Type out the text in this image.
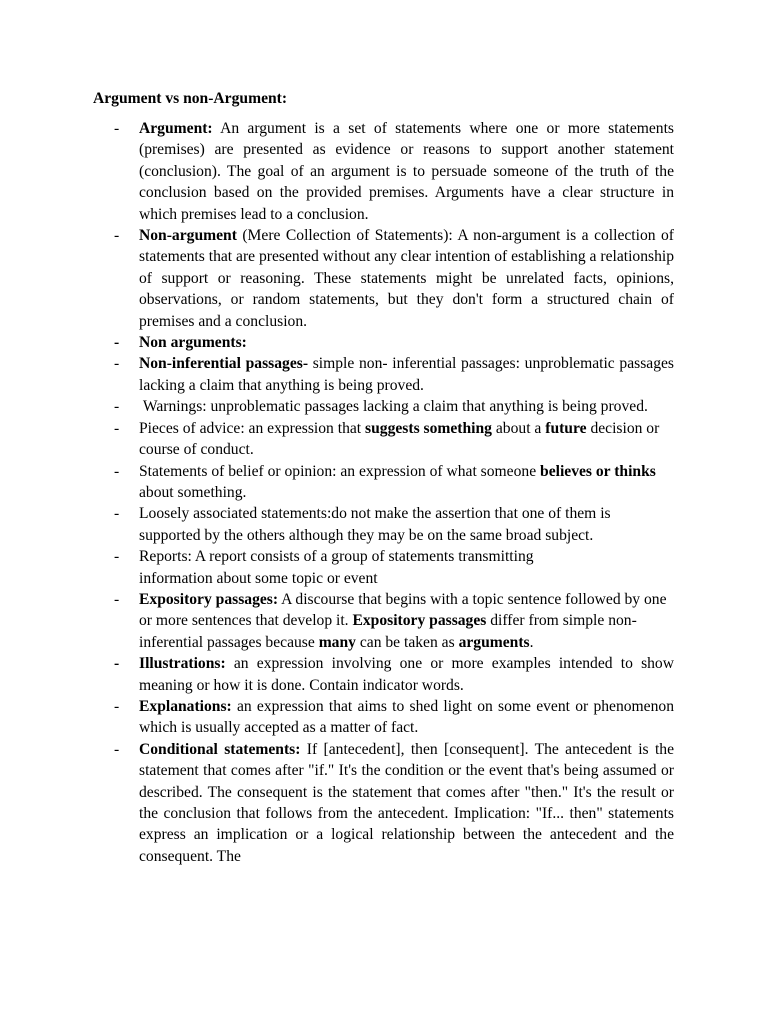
Argument vs non-Argument:
- Argument: An argument is a set of statements where one or more statements (premises) are presented as evidence or reasons to support another statement (conclusion). The goal of an argument is to persuade someone of the truth of the conclusion based on the provided premises. Arguments have a clear structure in which premises lead to a conclusion.
- Non-argument (Mere Collection of Statements): A non-argument is a collection of statements that are presented without any clear intention of establishing a relationship of support or reasoning. These statements might be unrelated facts, opinions, observations, or random statements, but they don't form a structured chain of premises and a conclusion.
- Non arguments:
- Non-inferential passages- simple non- inferential passages: unproblematic passages lacking a claim that anything is being proved.
- Warnings: unproblematic passages lacking a claim that anything is being proved.
- Pieces of advice: an expression that suggests something about a future decision or course of conduct.
- Statements of belief or opinion: an expression of what someone believes or thinks about something.
- Loosely associated statements:do not make the assertion that one of them is supported by the others although they may be on the same broad subject.
- Reports: A report consists of a group of statements transmitting information about some topic or event
- Expository passages: A discourse that begins with a topic sentence followed by one or more sentences that develop it. Expository passages differ from simple non-inferential passages because many can be taken as arguments.
- Illustrations: an expression involving one or more examples intended to show meaning or how it is done. Contain indicator words.
- Explanations: an expression that aims to shed light on some event or phenomenon which is usually accepted as a matter of fact.
- Conditional statements: If [antecedent], then [consequent]. The antecedent is the statement that comes after "if." It's the condition or the event that's being assumed or described. The consequent is the statement that comes after "then." It's the result or the conclusion that follows from the antecedent. Implication: "If... then" statements express an implication or a logical relationship between the antecedent and the consequent. The
